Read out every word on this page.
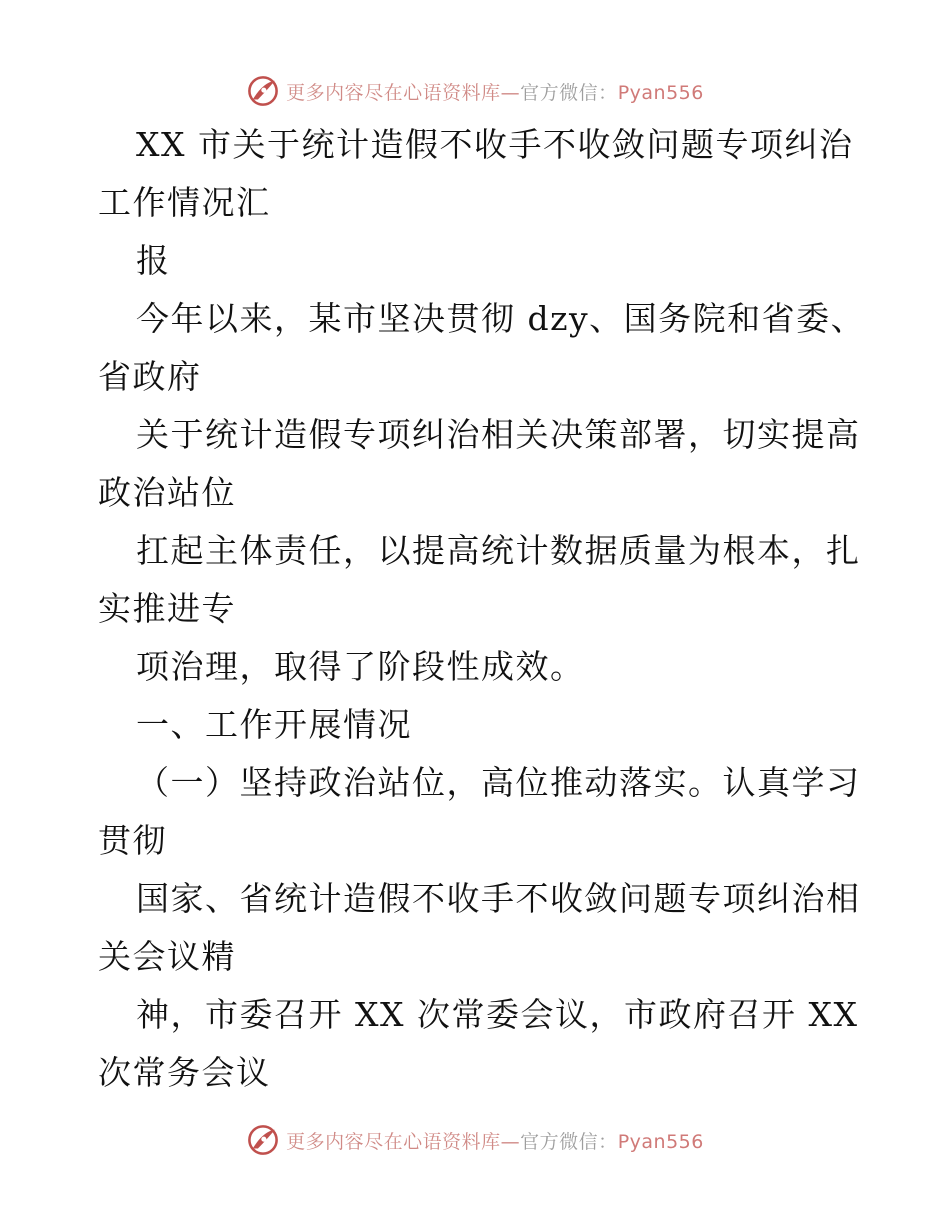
更多内容尽在心语资料库—官方微信：Pyan556
XX 市关于统计造假不收手不收敛问题专项纠治
工作情况汇
报
今年以来，某市坚决贯彻 dzy、国务院和省委、
省政府
关于统计造假专项纠治相关决策部署，切实提高
政治站位
扛起主体责任，以提高统计数据质量为根本，扎
实推进专
项治理，取得了阶段性成效。
一、工作开展情况
（一）坚持政治站位，高位推动落实。认真学习
贯彻
国家、省统计造假不收手不收敛问题专项纠治相
关会议精
神，市委召开 XX 次常委会议，市政府召开 XX
次常务会议
更多内容尽在心语资料库—官方微信：Pyan556
